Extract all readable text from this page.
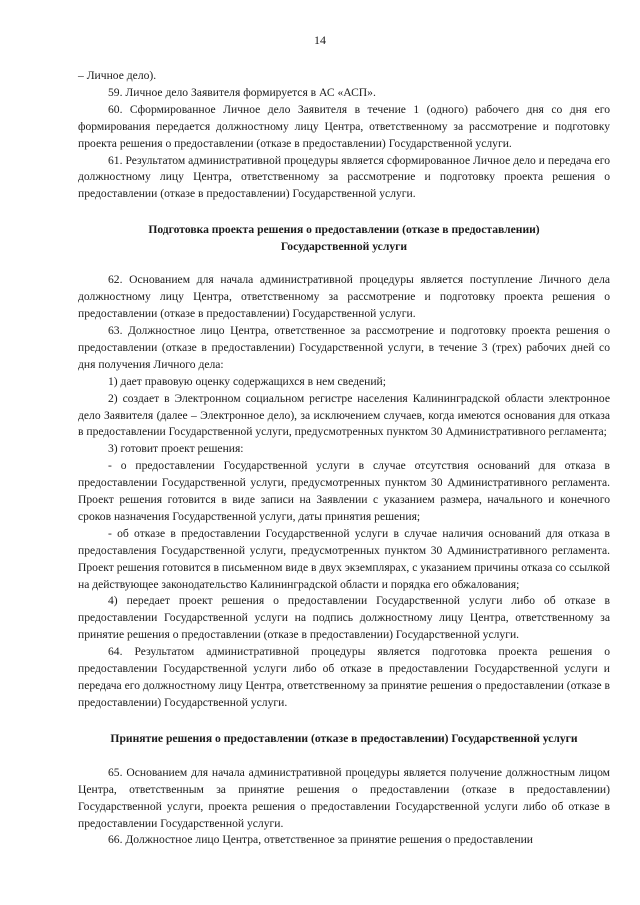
14

– Личное дело).

59. Личное дело Заявителя формируется в АС «АСП».

60. Сформированное Личное дело Заявителя в течение 1 (одного) рабочего дня со дня его формирования передается должностному лицу Центра, ответственному за рассмотрение и подготовку проекта решения о предоставлении (отказе в предоставлении) Государственной услуги.

61. Результатом административной процедуры является сформированное Личное дело и передача его должностному лицу Центра, ответственному за рассмотрение и подготовку проекта решения о предоставлении (отказе в предоставлении) Государственной услуги.

Подготовка проекта решения о предоставлении (отказе в предоставлении) Государственной услуги

62. Основанием для начала административной процедуры является поступление Личного дела должностному лицу Центра, ответственному за рассмотрение и подготовку проекта решения о предоставлении (отказе в предоставлении) Государственной услуги.

63. Должностное лицо Центра, ответственное за рассмотрение и подготовку проекта решения о предоставлении (отказе в предоставлении) Государственной услуги, в течение 3 (трех) рабочих дней со дня получения Личного дела:

1) дает правовую оценку содержащихся в нем сведений;

2) создает в Электронном социальном регистре населения Калининградской области электронное дело Заявителя (далее – Электронное дело), за исключением случаев, когда имеются основания для отказа в предоставлении Государственной услуги, предусмотренных пунктом 30 Административного регламента;

3) готовит проект решения:

- о предоставлении Государственной услуги в случае отсутствия оснований для отказа в предоставлении Государственной услуги, предусмотренных пунктом 30 Административного регламента. Проект решения готовится в виде записи на Заявлении с указанием размера, начального и конечного сроков назначения Государственной услуги, даты принятия решения;

- об отказе в предоставлении Государственной услуги в случае наличия оснований для отказа в предоставления Государственной услуги, предусмотренных пунктом 30 Административного регламента. Проект решения готовится в письменном виде в двух экземплярах, с указанием причины отказа со ссылкой на действующее законодательство Калининградской области и порядка его обжалования;

4) передает проект решения о предоставлении Государственной услуги либо об отказе в предоставлении Государственной услуги на подпись должностному лицу Центра, ответственному за принятие решения о предоставлении (отказе в предоставлении) Государственной услуги.

64. Результатом административной процедуры является подготовка проекта решения о предоставлении Государственной услуги либо об отказе в предоставлении Государственной услуги и передача его должностному лицу Центра, ответственному за принятие решения о предоставлении (отказе в предоставлении) Государственной услуги.

Принятие решения о предоставлении (отказе в предоставлении) Государственной услуги

65. Основанием для начала административной процедуры является получение должностным лицом Центра, ответственным за принятие решения о предоставлении (отказе в предоставлении) Государственной услуги, проекта решения о предоставлении Государственной услуги либо об отказе в предоставлении Государственной услуги.

66. Должностное лицо Центра, ответственное за принятие решения о предоставлении
